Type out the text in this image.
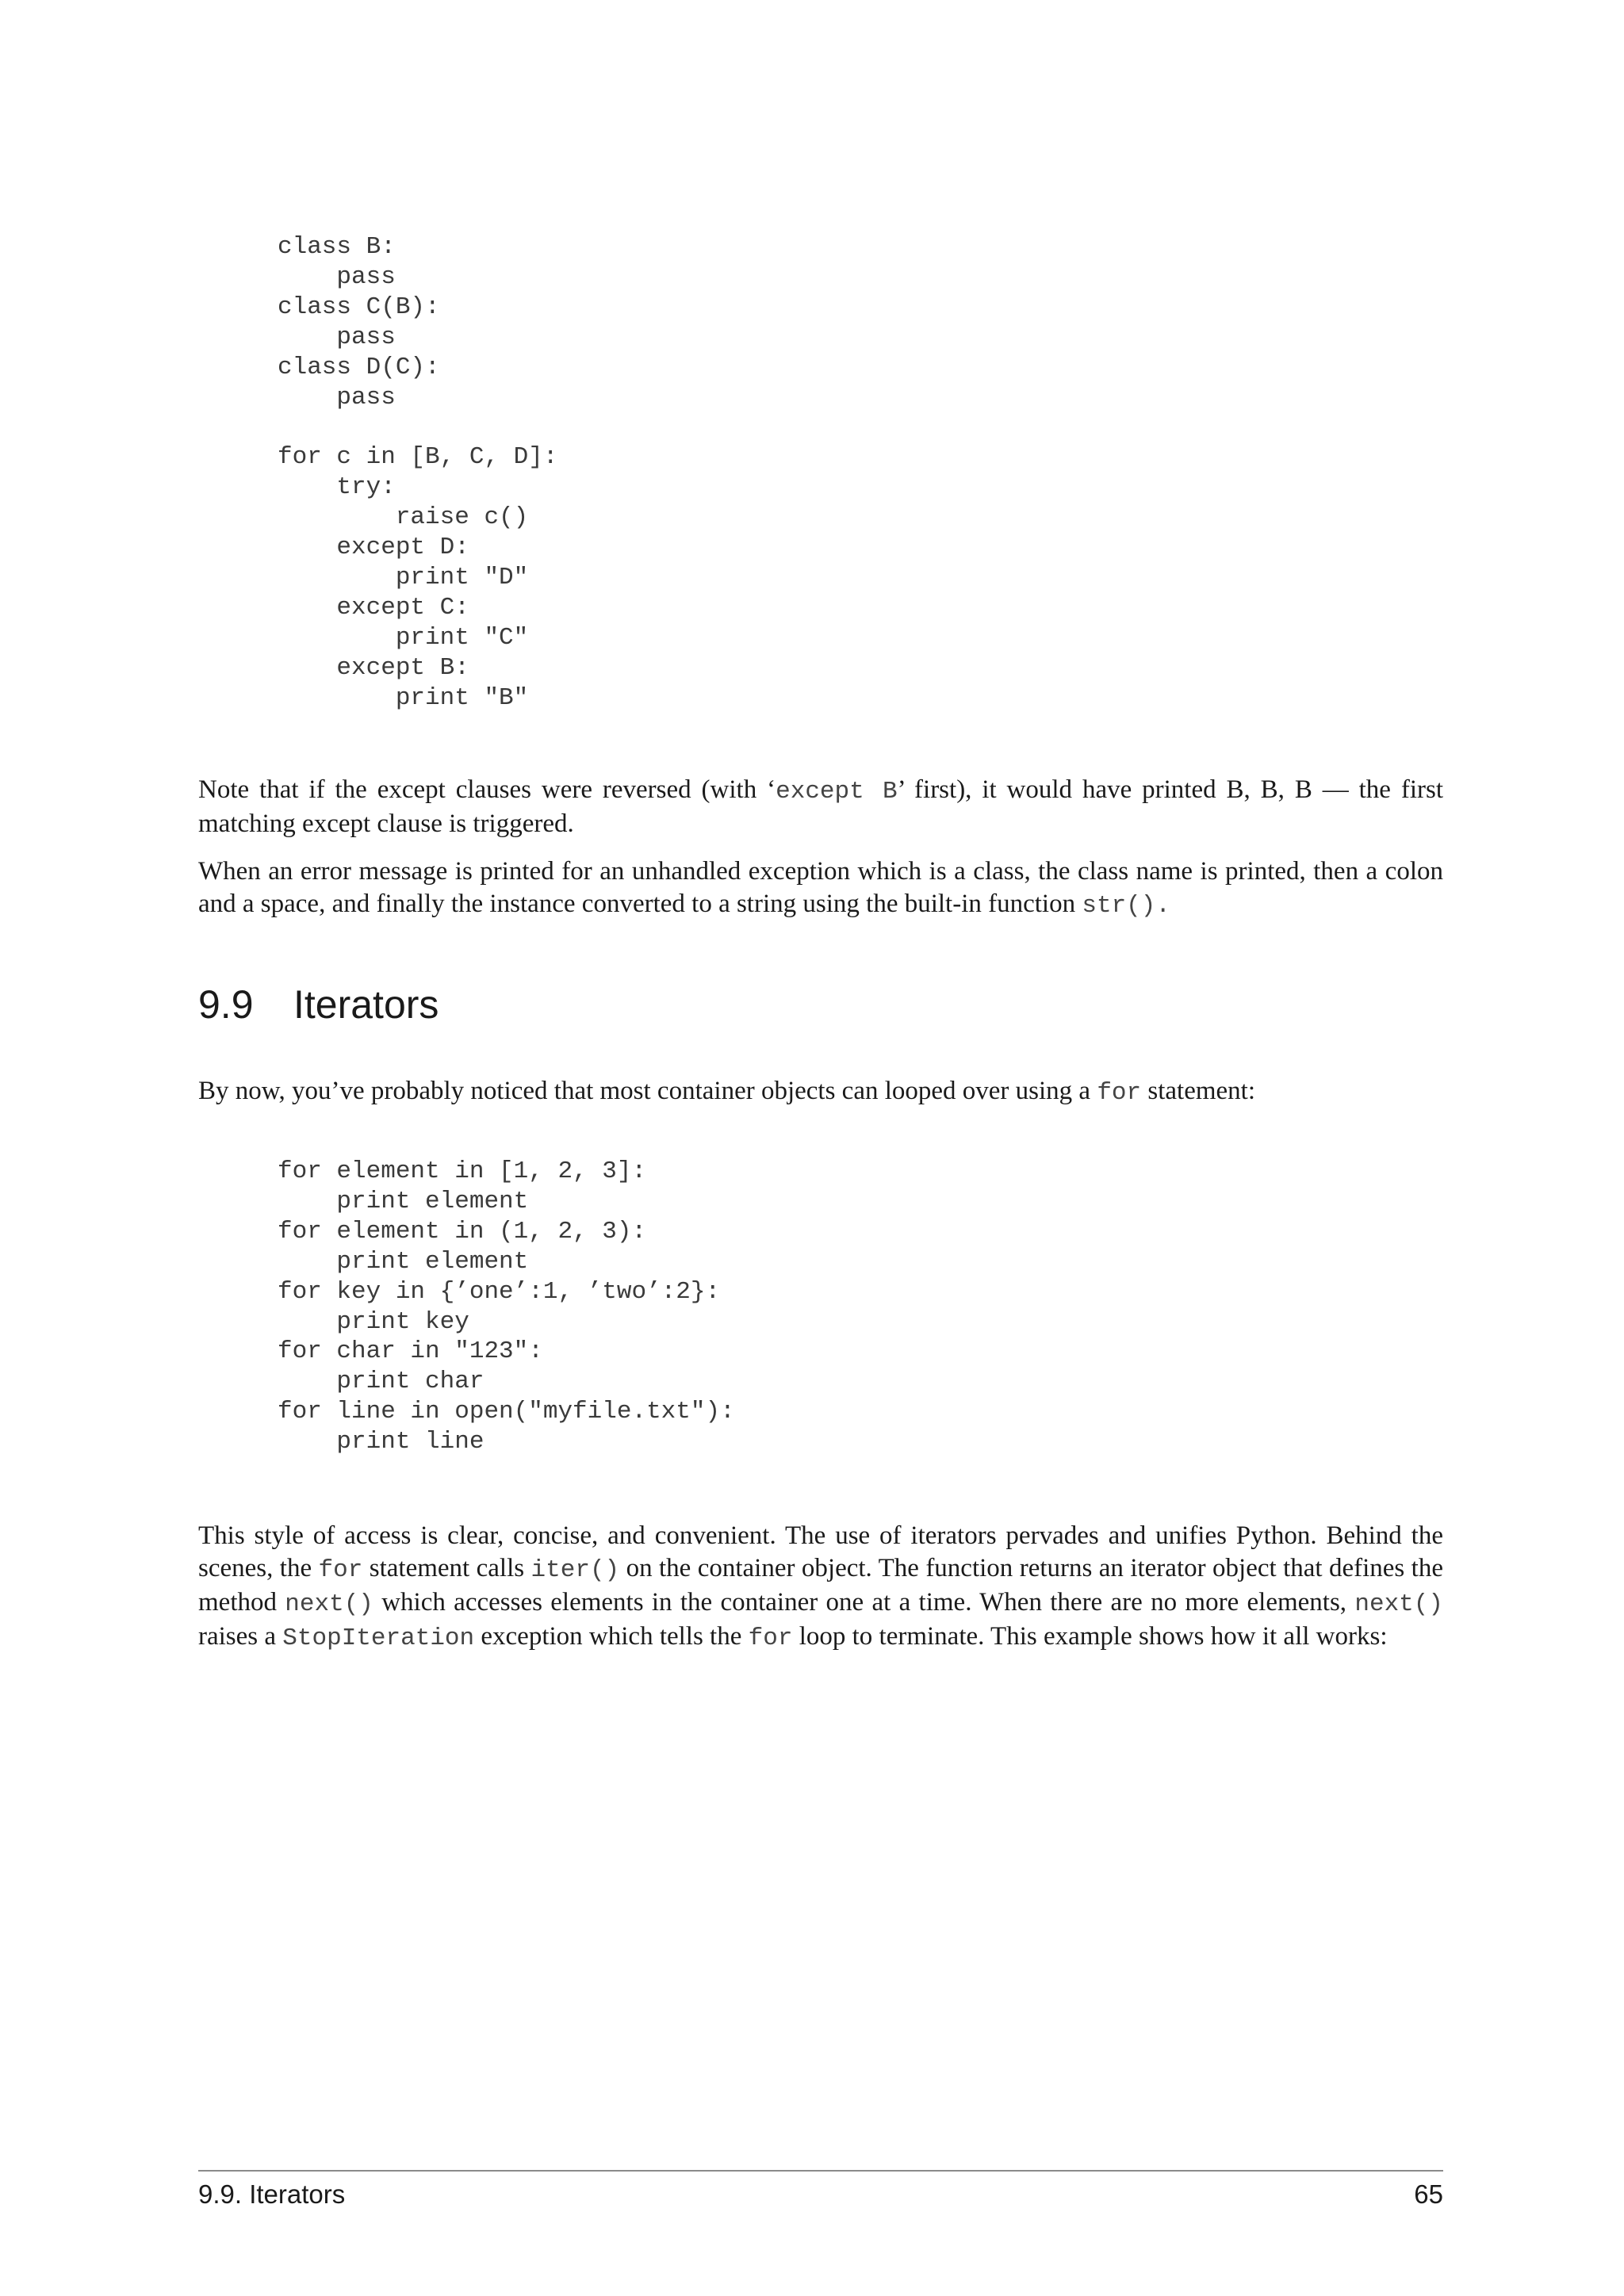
class B:
pass
class C(B):
pass
class D(C):
pass

for c in [B, C, D]:
try:
raise c()
except D:
print "D"
except C:
print "C"
except B:
print "B"

Note that if the except clauses were reversed (with ‘except B’ first), it would have printed B, B, B — the first matching except clause is triggered.

When an error message is printed for an unhandled exception which is a class, the class name is printed, then a colon and a space, and finally the instance converted to a string using the built-in function str().

9.9 Iterators

By now, you’ve probably noticed that most container objects can looped over using a for statement:

for element in [1, 2, 3]:
print element
for element in (1, 2, 3):
print element
for key in {’one’:1, ’two’:2}:
print key
for char in "123":
print char
for line in open("myfile.txt"):
print line

This style of access is clear, concise, and convenient. The use of iterators pervades and unifies Python. Behind the scenes, the for statement calls iter() on the container object. The function returns an iterator object that defines the method next() which accesses elements in the container one at a time. When there are no more elements, next() raises a StopIteration exception which tells the for loop to terminate. This example shows how it all works:

9.9. Iterators	65
